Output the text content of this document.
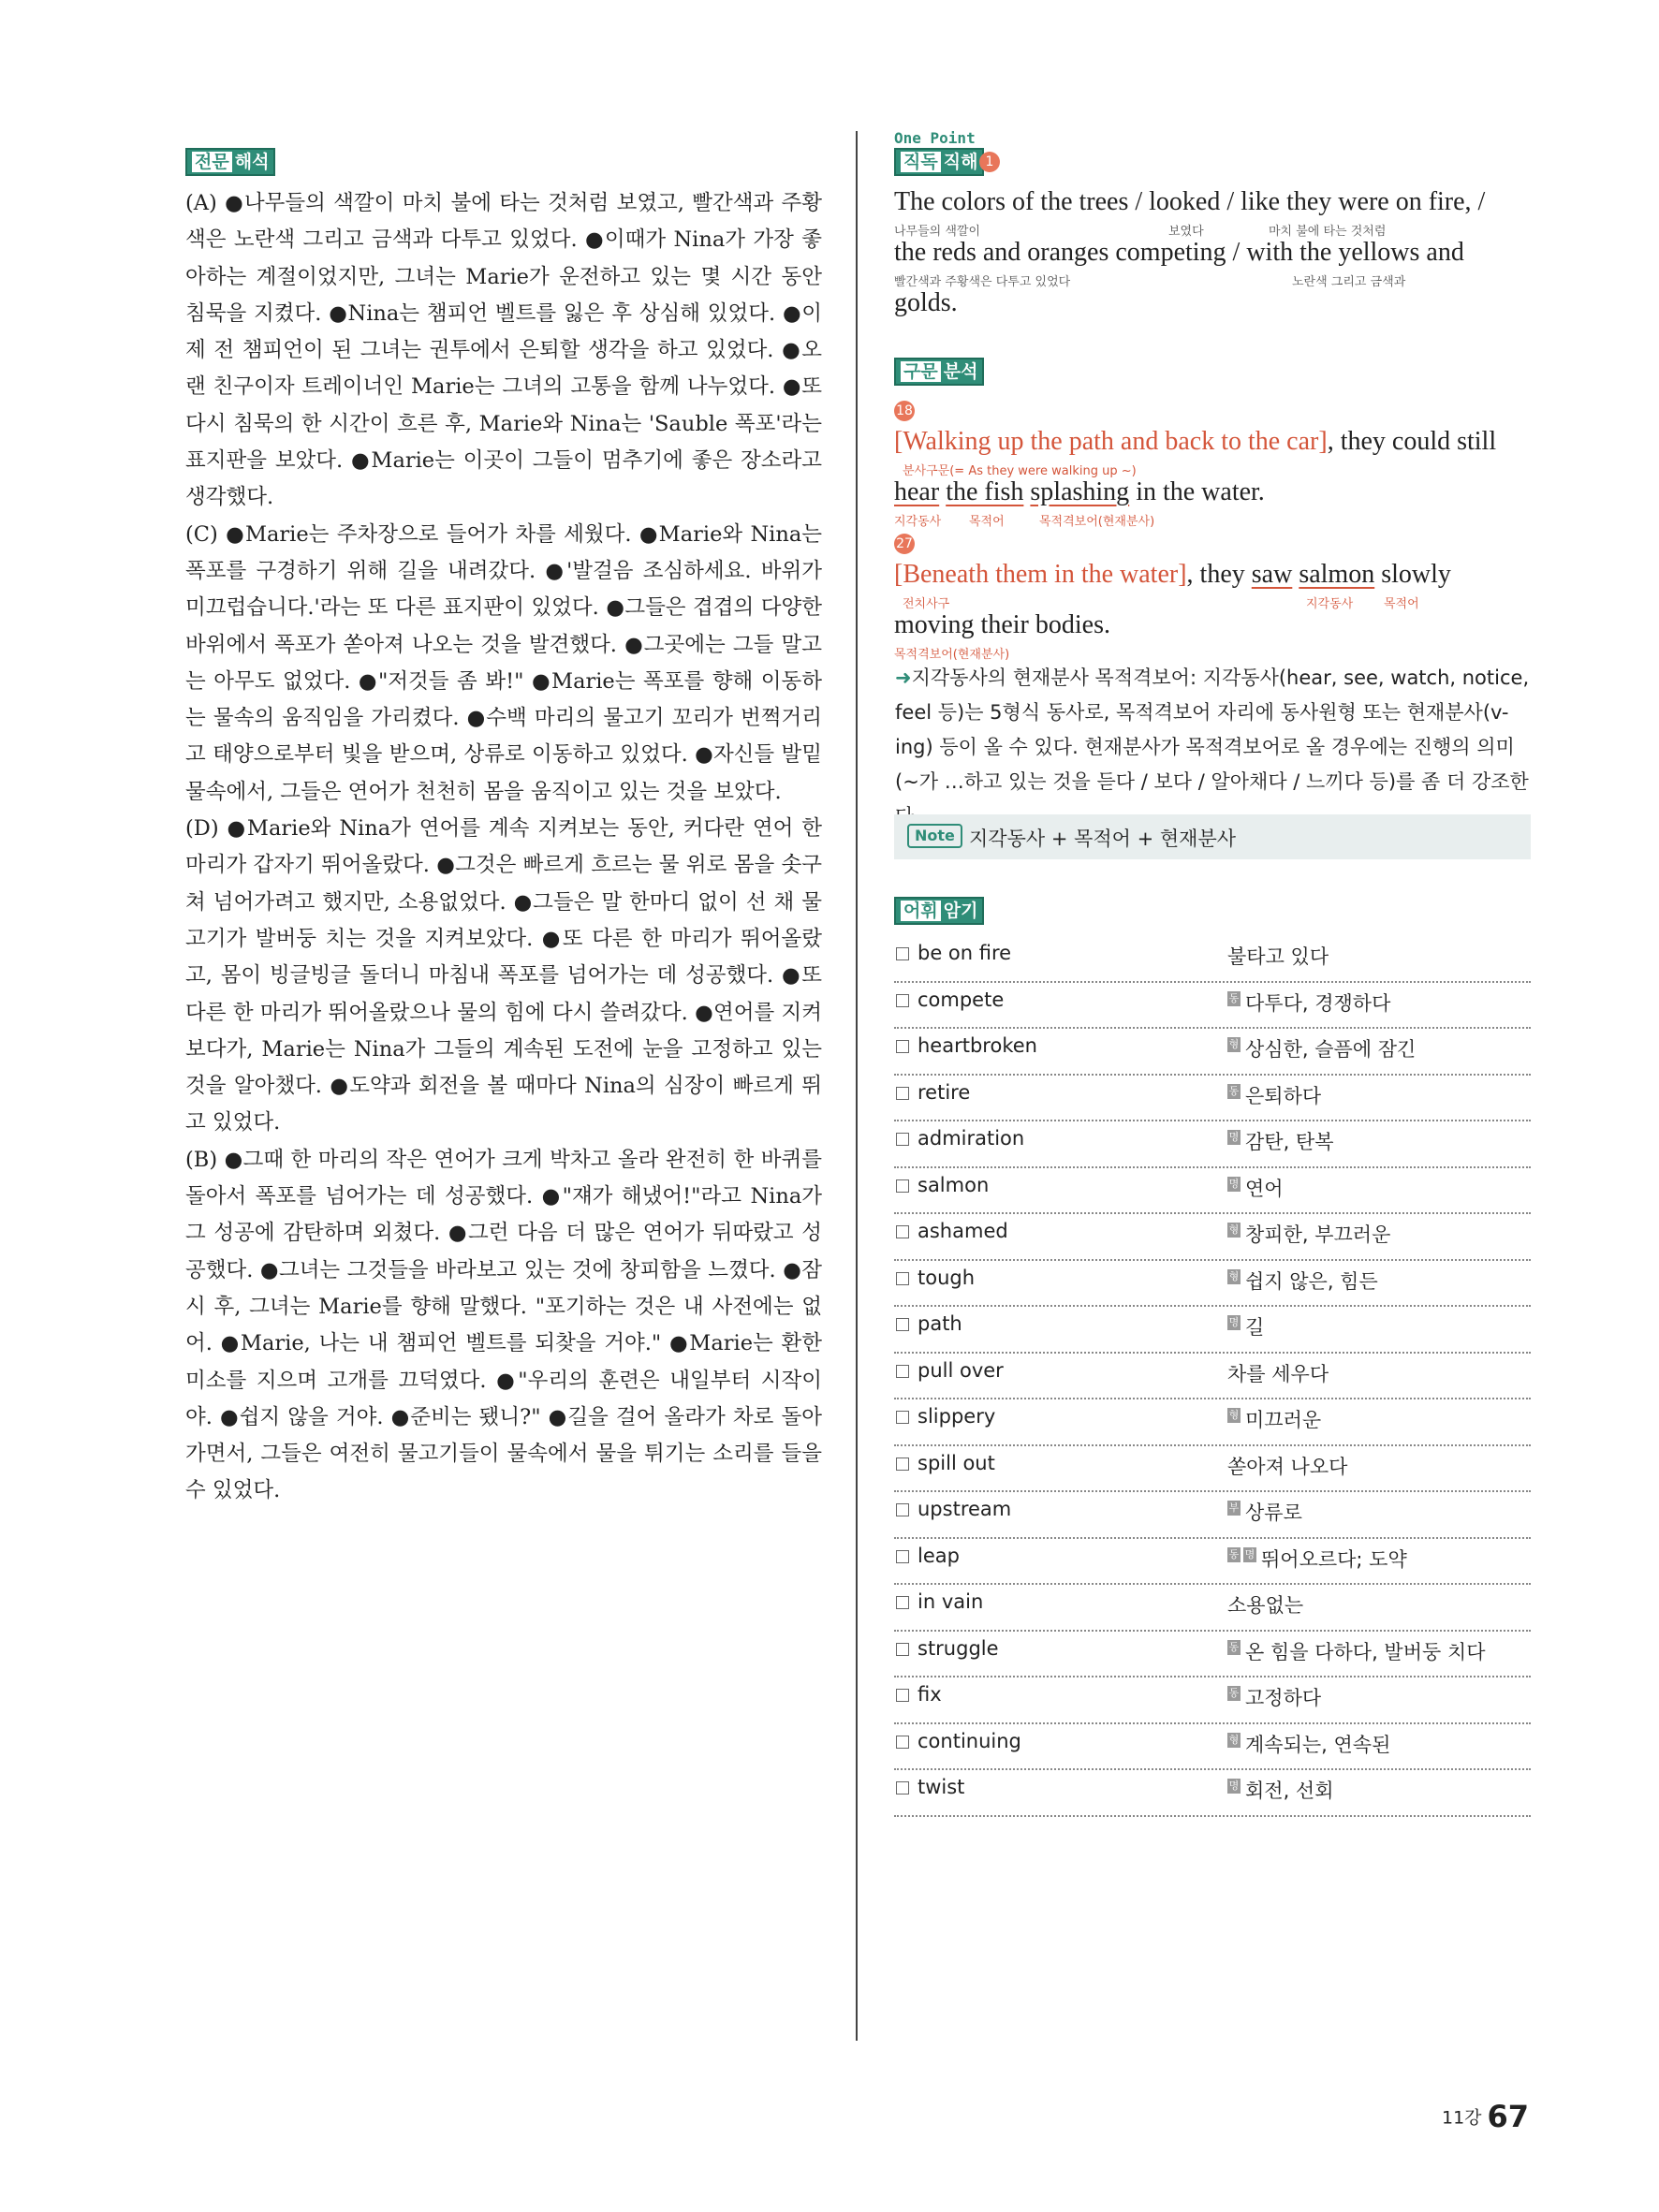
전문 해석

(A) ●나무들의 색깔이 마치 불에 타는 것처럼 보였고, 빨간색과 주황색은 노란색 그리고 금색과 다투고 있었다. ●이때가 Nina가 가장 좋아하는 계절이었지만, 그녀는 Marie가 운전하고 있는 몇 시간 동안 침묵을 지켰다. ●Nina는 챔피언 벨트를 잃은 후 상심해 있었다. ●이제 전 챔피언이 된 그녀는 권투에서 은퇴할 생각을 하고 있었다. ●오랜 친구이자 트레이너인 Marie는 그녀의 고통을 함께 나누었다. ●또다시 침묵의 한 시간이 흐른 후, Marie와 Nina는 'Sauble 폭포'라는 표지판을 보았다. ●Marie는 이곳이 그들이 멈추기에 좋은 장소라고 생각했다.

(C) ●Marie는 주차장으로 들어가 차를 세웠다. ●Marie와 Nina는 폭포를 구경하기 위해 길을 내려갔다. ●'발걸음 조심하세요. 바위가 미끄럽습니다.'라는 또 다른 표지판이 있었다. ●그들은 겹겹의 다양한 바위에서 폭포가 쏟아져 나오는 것을 발견했다. ●그곳에는 그들 말고는 아무도 없었다. ●"저것들 좀 봐!" ●Marie는 폭포를 향해 이동하는 물속의 움직임을 가리켰다. ●수백 마리의 물고기 꼬리가 번쩍거리고 태양으로부터 빛을 받으며, 상류로 이동하고 있었다. ●자신들 발밑 물속에서, 그들은 연어가 천천히 몸을 움직이고 있는 것을 보았다.

(D) ●Marie와 Nina가 연어를 계속 지켜보는 동안, 커다란 연어 한 마리가 갑자기 뛰어올랐다. ●그것은 빠르게 흐르는 물 위로 몸을 솟구쳐 넘어가려고 했지만, 소용없었다. ●그들은 말 한마디 없이 선 채 물고기가 발버둥 치는 것을 지켜보았다. ●또 다른 한 마리가 뛰어올랐고, 몸이 빙글빙글 돌더니 마침내 폭포를 넘어가는 데 성공했다. ●또 다른 한 마리가 뛰어올랐으나 물의 힘에 다시 쓸려갔다. ●연어를 지켜보다가, Marie는 Nina가 그들의 계속된 도전에 눈을 고정하고 있는 것을 알아챘다. ●도약과 회전을 볼 때마다 Nina의 심장이 빠르게 뛰고 있었다.

(B) ●그때 한 마리의 작은 연어가 크게 박차고 올라 완전히 한 바퀴를 돌아서 폭포를 넘어가는 데 성공했다. ●"쟤가 해냈어!"라고 Nina가 그 성공에 감탄하며 외쳤다. ●그런 다음 더 많은 연어가 뒤따랐고 성공했다. ●그녀는 그것들을 바라보고 있는 것에 창피함을 느꼈다. ●잠시 후, 그녀는 Marie를 향해 말했다. "포기하는 것은 내 사전에는 없어. ●Marie, 나는 내 챔피언 벨트를 되찾을 거야." ●Marie는 환한 미소를 지으며 고개를 끄덕였다. ●"우리의 훈련은 내일부터 시작이야. ●쉽지 않을 거야. ●준비는 됐니?" ●길을 걸어 올라가 차로 돌아가면서, 그들은 여전히 물고기들이 물속에서 물을 튀기는 소리를 들을 수 있었다.

One Point
직독 직해 1
The colors of the trees / looked / like they were on fire, /
나무들의 색깔이	보였다	마치 불에 타는 것처럼
the reds and oranges competing / with the yellows and
빨간색과 주황색은 다투고 있었다	노란색 그리고 금색과
golds.
구문 분석
18
[Walking up the path and back to the car], they could still
분사구문(= As they were walking up ~)
hear the fish splashing in the water.
지각동사 목적어	목적격보어(현재분사)
27
[Beneath them in the water], they saw salmon slowly
전치사구	지각동사	목적어
moving their bodies.
목적격보어(현재분사)
➜지각동사의 현재분사 목적격보어: 지각동사(hear, see, watch, notice, feel 등)는 5형식 동사로, 목적격보어 자리에 동사원형 또는 현재분사(v-ing) 등이 올 수 있다. 현재분사가 목적격보어로 올 경우에는 진행의 의미(~가 …하고 있는 것을 듣다 / 보다 / 알아채다 / 느끼다 등)를 좀 더 강조한
Note 지각동사 + 목적어 + 현재분사
어휘 암기
be on fire	불타고 있다
compete	동 다투다, 경쟁하다
heartbroken	형 상심한, 슬픔에 잠긴
retire	동 은퇴하다
admiration	명 감탄, 탄복
salmon	명 연어
ashamed	형 창피한, 부끄러운
tough	형 쉽지 않은, 힘든
path	명 길
pull over	차를 세우다
slippery	형 미끄러운
spill out	쏟아져 나오다
upstream	부 상류로
leap	동 명 뛰어오르다; 도약
in vain	소용없는
struggle	동 온 힘을 다하다, 발버둥 치다
fix	동 고정하다
continuing	형 계속되는, 연속된
twist	명 회전, 선회
11강 67
